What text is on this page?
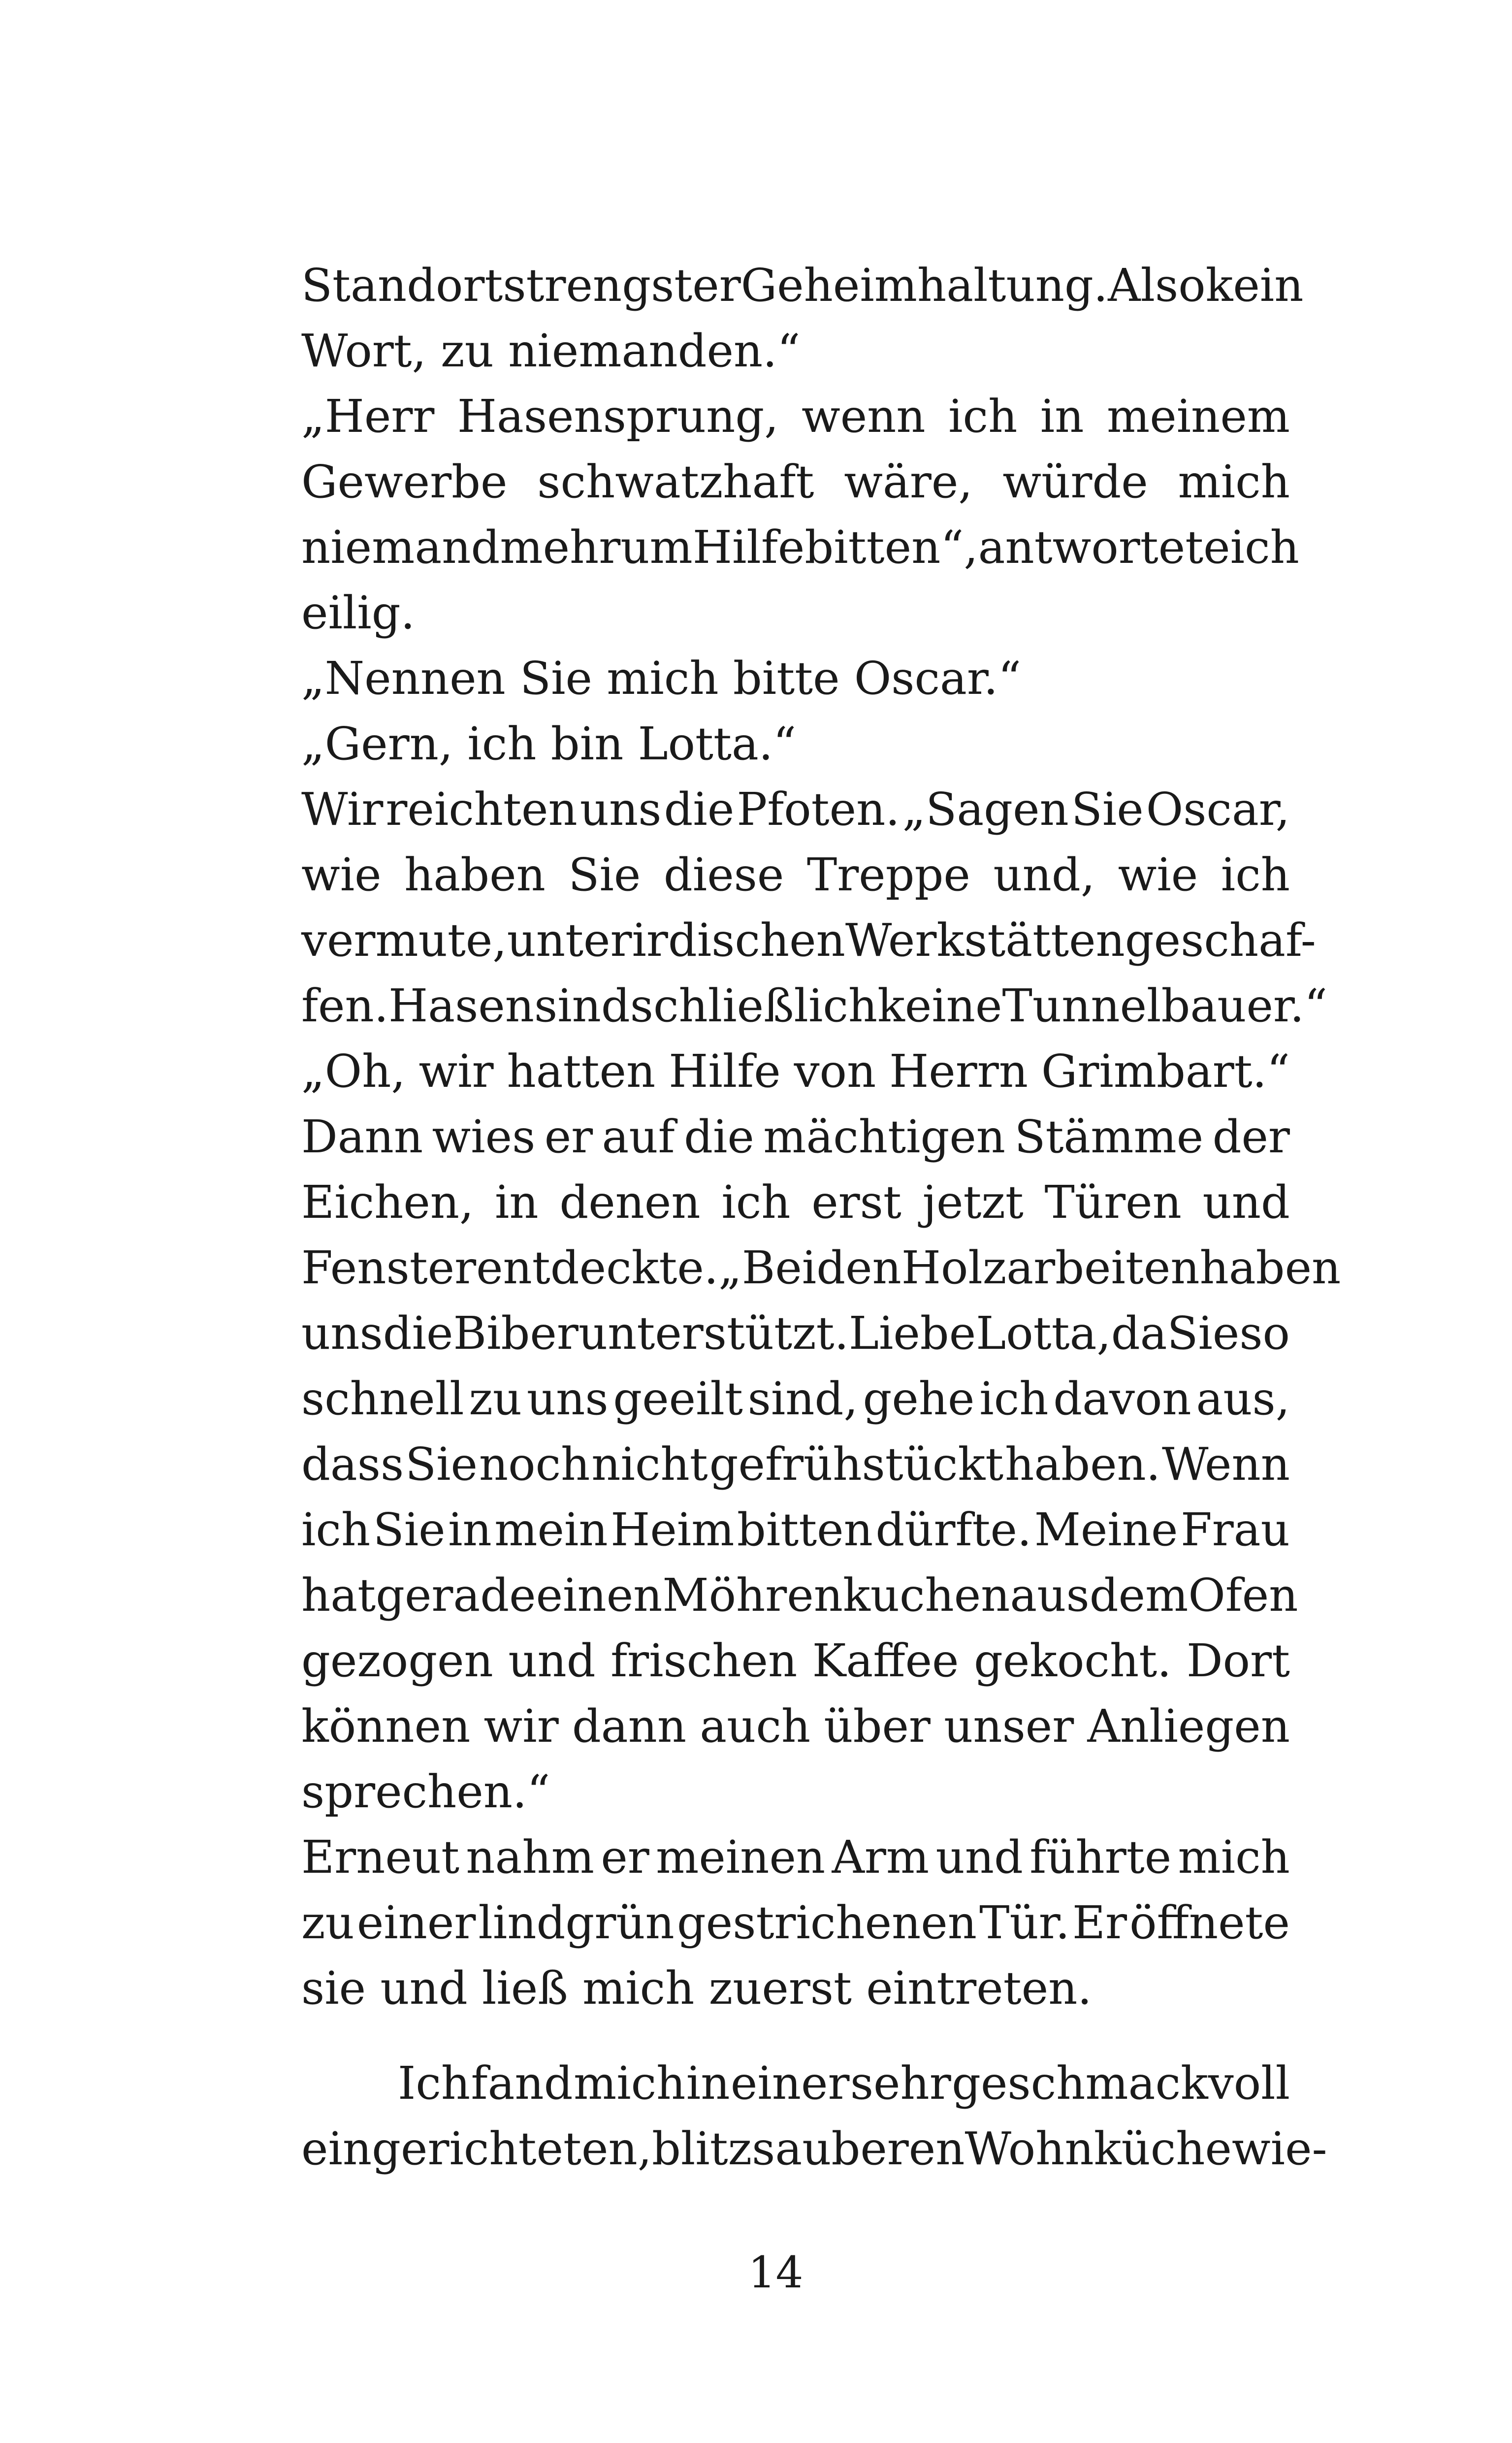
Standort strengster Geheimhaltung. Also kein
Wort, zu niemanden.“
„Herr Hasensprung, wenn ich in meinem
Gewerbe schwatzhaft wäre, würde mich
niemand mehr um Hilfe bitten“, antwortete ich
eilig.
„Nennen Sie mich bitte Oscar.“
„Gern, ich bin Lotta.“
Wir reichten uns die Pfoten. „Sagen Sie Oscar,
wie haben Sie diese Treppe und, wie ich
vermute, unterirdischen Werkstätten geschaf-
fen. Hasen sind schließlich keine Tunnelbauer.“
„Oh, wir hatten Hilfe von Herrn Grimbart.“
Dann wies er auf die mächtigen Stämme der
Eichen, in denen ich erst jetzt Türen und
Fenster entdeckte. „Bei den Holzarbeiten haben
uns die Biber unterstützt. Liebe Lotta, da Sie so
schnell zu uns geeilt sind, gehe ich davon aus,
dass Sie noch nicht gefrühstückt haben. Wenn
ich Sie in mein Heim bitten dürfte. Meine Frau
hat gerade einen Möhrenkuchen aus dem Ofen
gezogen und frischen Kaffee gekocht. Dort
können wir dann auch über unser Anliegen
sprechen.“
Erneut nahm er meinen Arm und führte mich
zu einer lindgrün gestrichenen Tür. Er öffnete
sie und ließ mich zuerst eintreten.
Ich fand mich in einer sehr geschmackvoll
eingerichteten, blitzsauberen Wohnküche wie-
14
